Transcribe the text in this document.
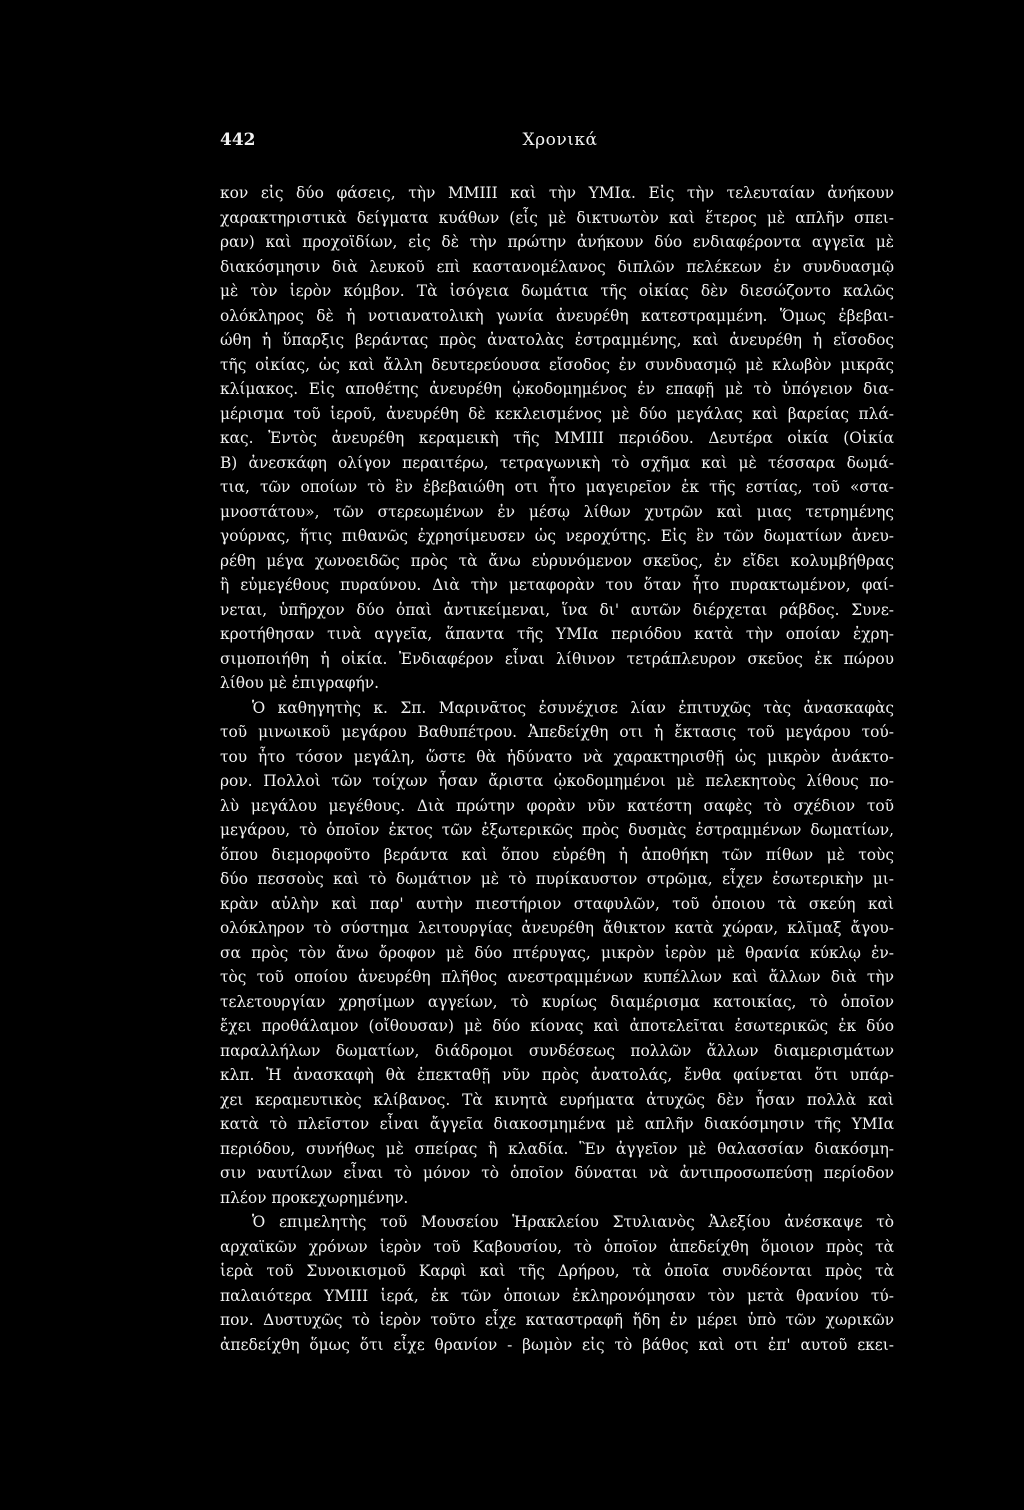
442	Χρονικά
κον εἰς δύο φάσεις, τὴν ΜΜΙΙΙ καὶ τὴν ΥΜΙα. Εἰς τὴν τελευταίαν ἀνήκουν
χαρακτηριστικὰ δείγματα κυάθων (εἷς μὲ δικτυωτὸν καὶ ἕτερος μὲ απλῆν σπει-
ραν) καὶ προχοϊδίων, εἰς δὲ τὴν πρώτην ἀνήκουν δύο ενδιαφέροντα αγγεῖα μὲ
διακόσμησιν διὰ λευκοῦ επὶ καστανομέλανος διπλῶν πελέκεων ἐν συνδυασμῷ
μὲ τὸν ἱερὸν κόμβον. Τὰ ἰσόγεια δωμάτια τῆς οἰκίας δὲν διεσώζοντο καλῶς
ολόκληρος δὲ ἡ νοτιανατολικὴ γωνία ἀνευρέθη κατεστραμμένη. Ὅμως ἐβεβαι-
ώθη ἡ ὕπαρξις βεράντας πρὸς ἀνατολὰς ἐστραμμένης, καὶ ἀνευρέθη ἡ εἴσοδος
τῆς οἰκίας, ὡς καὶ ἄλλη δευτερεύουσα εἴσοδος ἐν συνδυασμῷ μὲ κλωβὸν μικρᾶς
κλίμακος. Εἰς αποθέτης ἀνευρέθη ᾠκοδομημένος ἐν επαφῇ μὲ τὸ ὑπόγειον δια-
μέρισμα τοῦ ἱεροῦ, ἀνευρέθη δὲ κεκλεισμένος μὲ δύο μεγάλας καὶ βαρείας πλά-
κας. Ἐντὸς ἀνευρέθη κεραμεικὴ τῆς ΜΜΙΙΙ περιόδου. Δευτέρα οἰκία (Οἰκία
Β) ἀνεσκάφη ολίγον περαιτέρω, τετραγωνικὴ τὸ σχῆμα καὶ μὲ τέσσαρα δωμά-
τια, τῶν οποίων τὸ ἓν ἐβεβαιώθη οτι ἦτο μαγειρεῖον ἐκ τῆς εστίας, τοῦ «στα-
μνοστάτου», τῶν στερεωμένων ἐν μέσῳ λίθων χυτρῶν καὶ μιας τετρημένης
γούρνας, ἥτις πιθανῶς ἐχρησίμευσεν ὡς νεροχύτης. Εἰς ἓν τῶν δωματίων ἀνευ-
ρέθη μέγα χωνοειδῶς πρὸς τὰ ἄνω εὐρυνόμενον σκεῦος, ἐν εἴδει κολυμβήθρας
ἢ εὐμεγέθους πυραύνου. Διὰ τὴν μεταφορὰν του ὅταν ἦτο πυρακτωμένον, φαί-
νεται, ὑπῆρχον δύο ὀπαὶ ἀντικείμεναι, ἵνα δι' αυτῶν διέρχεται ράβδος. Συνε-
κροτήθησαν τινὰ αγγεῖα, ἅπαντα τῆς ΥΜΙα περιόδου κατὰ τὴν οποίαν ἐχρη-
σιμοποιήθη ἡ οἰκία. Ἐνδιαφέρον εἶναι λίθινον τετράπλευρον σκεῦος ἐκ πώρου
λίθου μὲ ἐπιγραφήν.
Ὁ καθηγητὴς κ. Σπ. Μαρινᾶτος ἐσυνέχισε λίαν ἐπιτυχῶς τὰς ἀνασκαφὰς
τοῦ μινωικοῦ μεγάρου Βαθυπέτρου. Ἀπεδείχθη οτι ἡ ἔκτασις τοῦ μεγάρου τού-
του ἦτο τόσον μεγάλη, ὥστε θὰ ἠδύνατο νὰ χαρακτηρισθῇ ὡς μικρὸν ἀνάκτο-
ρον. Πολλοὶ τῶν τοίχων ἦσαν ἄριστα ᾠκοδομημένοι μὲ πελεκητοὺς λίθους πο-
λὺ μεγάλου μεγέθους. Διὰ πρώτην φορὰν νῦν κατέστη σαφὲς τὸ σχέδιον τοῦ
μεγάρου, τὸ ὁποῖον ἐκτος τῶν ἐξωτερικῶς πρὸς δυσμὰς ἐστραμμένων δωματίων,
ὅπου διεμορφοῦτο βεράντα καὶ ὅπου εὑρέθη ἡ ἀποθήκη τῶν πίθων μὲ τοὺς
δύο πεσσοὺς καὶ τὸ δωμάτιον μὲ τὸ πυρίκαυστον στρῶμα, εἶχεν ἐσωτερικὴν μι-
κρὰν αὐλὴν καὶ παρ' αυτὴν πιεστήριον σταφυλῶν, τοῦ ὁποιου τὰ σκεύη καὶ
ολόκληρον τὸ σύστημα λειτουργίας ἀνευρέθη ἄθικτον κατὰ χώραν, κλῖμαξ ἄγου-
σα πρὸς τὸν ἄνω ὄροφον μὲ δύο πτέρυγας, μικρὸν ἱερὸν μὲ θρανία κύκλῳ ἐν-
τὸς τοῦ οποίου ἀνευρέθη πλῆθος ανεστραμμένων κυπέλλων καὶ ἄλλων διὰ τὴν
τελετουργίαν χρησίμων αγγείων, τὸ κυρίως διαμέρισμα κατοικίας, τὸ ὁποῖον
ἔχει προθάλαμον (οἴθουσαν) μὲ δύο κίονας καὶ ἀποτελεῖται ἐσωτερικῶς ἐκ δύο
παραλλήλων δωματίων, διάδρομοι συνδέσεως πολλῶν ἄλλων διαμερισμάτων
κλπ. Ἡ ἀνασκαφὴ θὰ ἐπεκταθῇ νῦν πρὸς ἀνατολάς, ἔνθα φαίνεται ὅτι υπάρ-
χει κεραμευτικὸς κλίβανος. Τὰ κινητὰ ευρήματα ἀτυχῶς δὲν ἦσαν πολλὰ καὶ
κατὰ τὸ πλεῖστον εἶναι ἄγγεῖα διακοσμημένα μὲ απλῆν διακόσμησιν τῆς ΥΜΙα
περιόδου, συνήθως μὲ σπείρας ἢ κλαδία. Ἓν ἀγγεῖον μὲ θαλασσίαν διακόσμη-
σιν ναυτίλων εἶναι τὸ μόνον τὸ ὁποῖον δύναται νὰ ἀντιπροσωπεύσῃ περίοδον
πλέον προκεχωρημένην.
Ὁ επιμελητὴς τοῦ Μουσείου Ἡρακλείου Στυλιανὸς Ἀλεξίου ἀνέσκαψε τὸ
αρχαϊκῶν χρόνων ἱερὸν τοῦ Καβουσίου, τὸ ὁποῖον ἀπεδείχθη ὅμοιον πρὸς τὰ
ἱερὰ τοῦ Συνοικισμοῦ Καρφὶ καὶ τῆς Δρήρου, τὰ ὁποῖα συνδέονται πρὸς τὰ
παλαιότερα ΥΜΙΙΙ ἱερά, ἐκ τῶν ὁποιων ἐκληρονόμησαν τὸν μετὰ θρανίου τύ-
πον. Δυστυχῶς τὸ ἱερὸν τοῦτο εἶχε καταστραφῆ ἤδη ἐν μέρει ὑπὸ τῶν χωρικῶν
ἀπεδείχθη ὅμως ὅτι εἶχε θρανίον - βωμὸν εἰς τὸ βάθος καὶ οτι ἐπ' αυτοῦ εκει-
